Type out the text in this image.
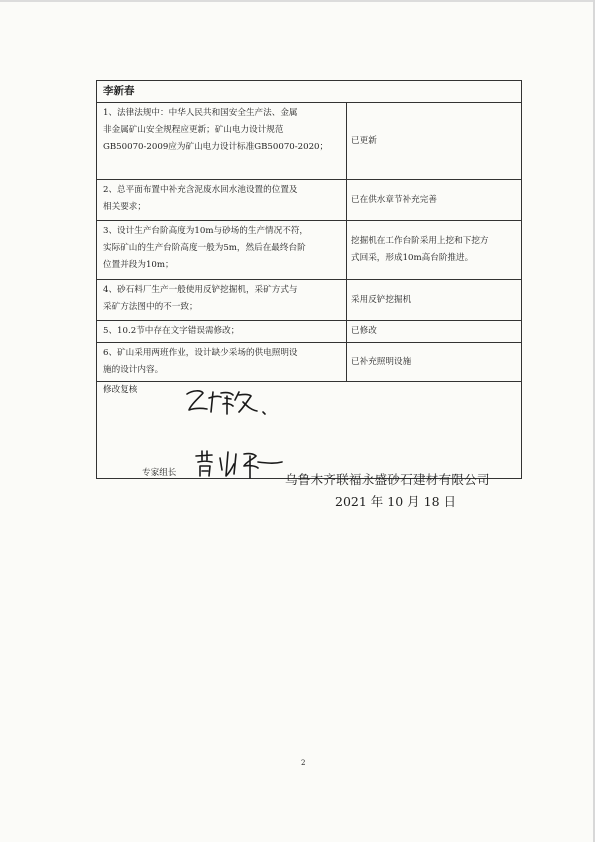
李新春
1、法律法规中：中华人民共和国安全生产法、金属
非金属矿山安全规程应更新；矿山电力设计规范
GB50070-2009应为矿山电力设计标准GB50070-2020；
已更新
2、总平面布置中补充含泥废水回水池设置的位置及
相关要求；
已在供水章节补充完善
3、设计生产台阶高度为10m与砂场的生产情况不符，
实际矿山的生产台阶高度一般为5m，然后在最终台阶
位置并段为10m；
挖掘机在工作台阶采用上挖和下挖方
式回采，形成10m高台阶推进。
4、砂石料厂生产一般使用反铲挖掘机，采矿方式与
采矿方法图中的不一致；
采用反铲挖掘机
5、10.2节中存在文字错误需修改；	已修改
6、矿山采用两班作业，设计缺少采场的供电照明设
施的设计内容。
已补充照明设施
修改复核
专家组长	乌鲁木齐联福永盛砂石建材有限公司
2021 年 10 月 18 日
2
